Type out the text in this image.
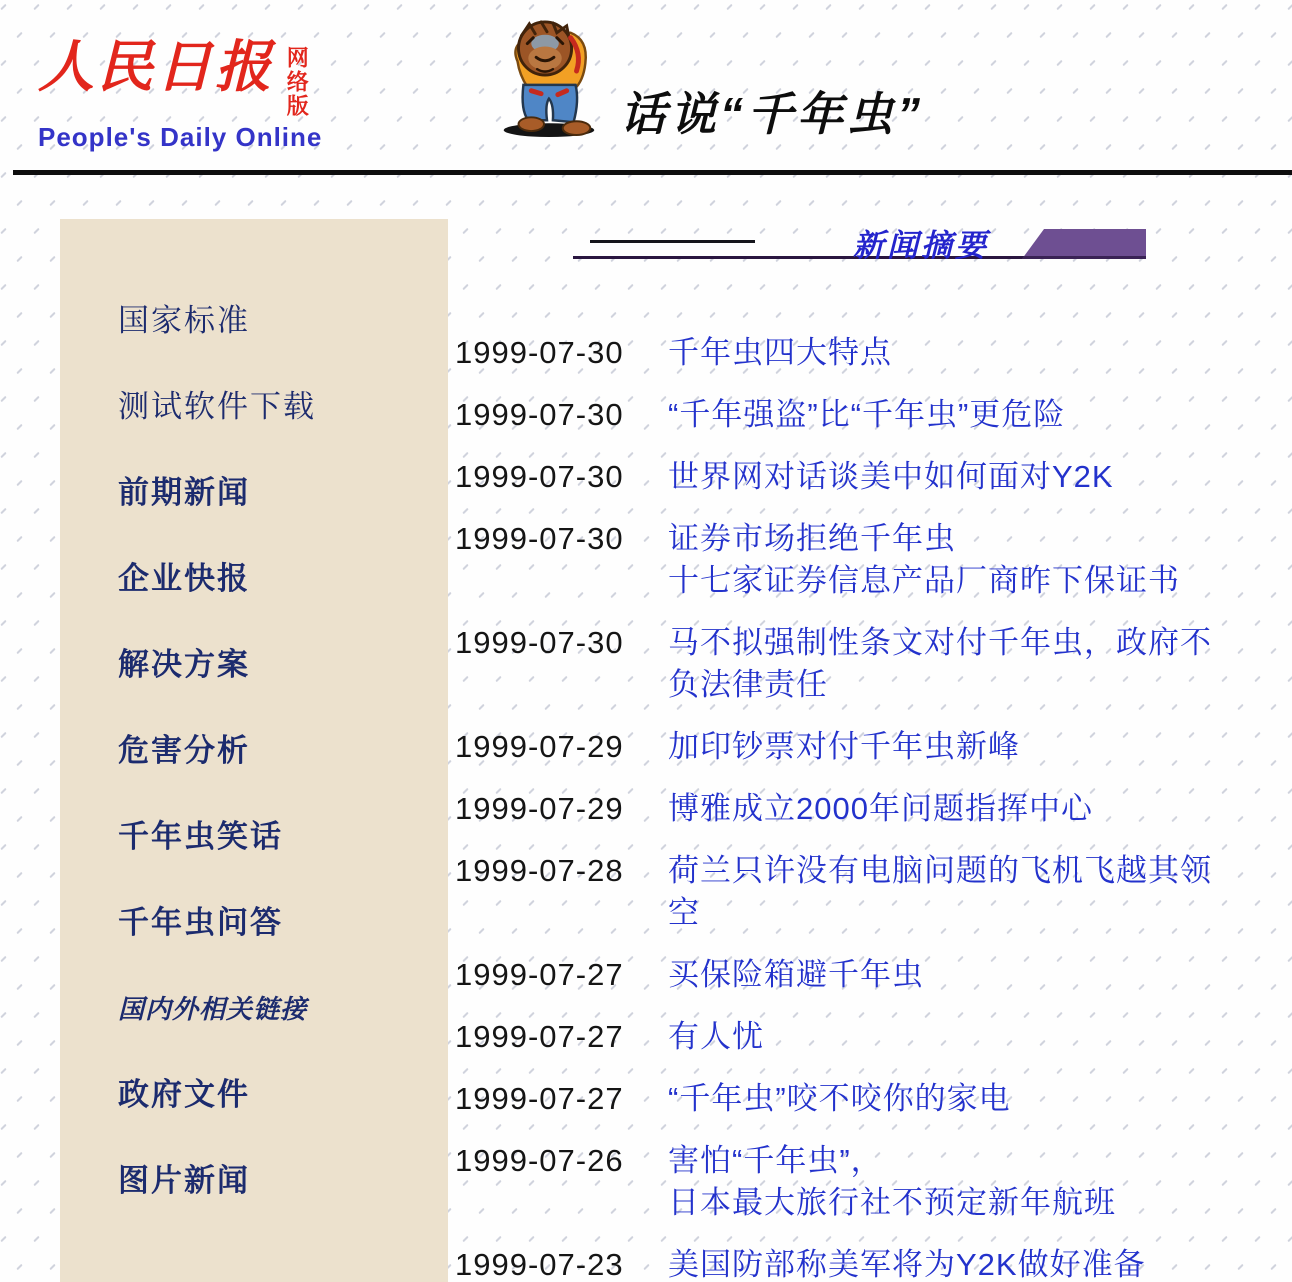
人民日报 网络版
People's Daily Online	话说“千年虫”
国家标准
测试软件下载
前期新闻
企业快报
解决方案
危害分析
千年虫笑话
千年虫问答
国内外相关链接
政府文件
图片新闻
新闻摘要
1999-07-30	千年虫四大特点
1999-07-30	“千年强盗”比“千年虫”更危险
1999-07-30	世界网对话谈美中如何面对Y2K
1999-07-30	证券市场拒绝千年虫
十七家证券信息产品厂商昨下保证书
1999-07-30	马不拟强制性条文对付千年虫，政府不
负法律责任
1999-07-29	加印钞票对付千年虫新峰
1999-07-29	博雅成立2000年问题指挥中心
1999-07-28	荷兰只许没有电脑问题的飞机飞越其领
空
1999-07-27	买保险箱避千年虫
1999-07-27	有人忧
1999-07-27	“千年虫”咬不咬你的家电
1999-07-26	害怕“千年虫”，
日本最大旅行社不预定新年航班
1999-07-23	美国防部称美军将为Y2K做好准备
